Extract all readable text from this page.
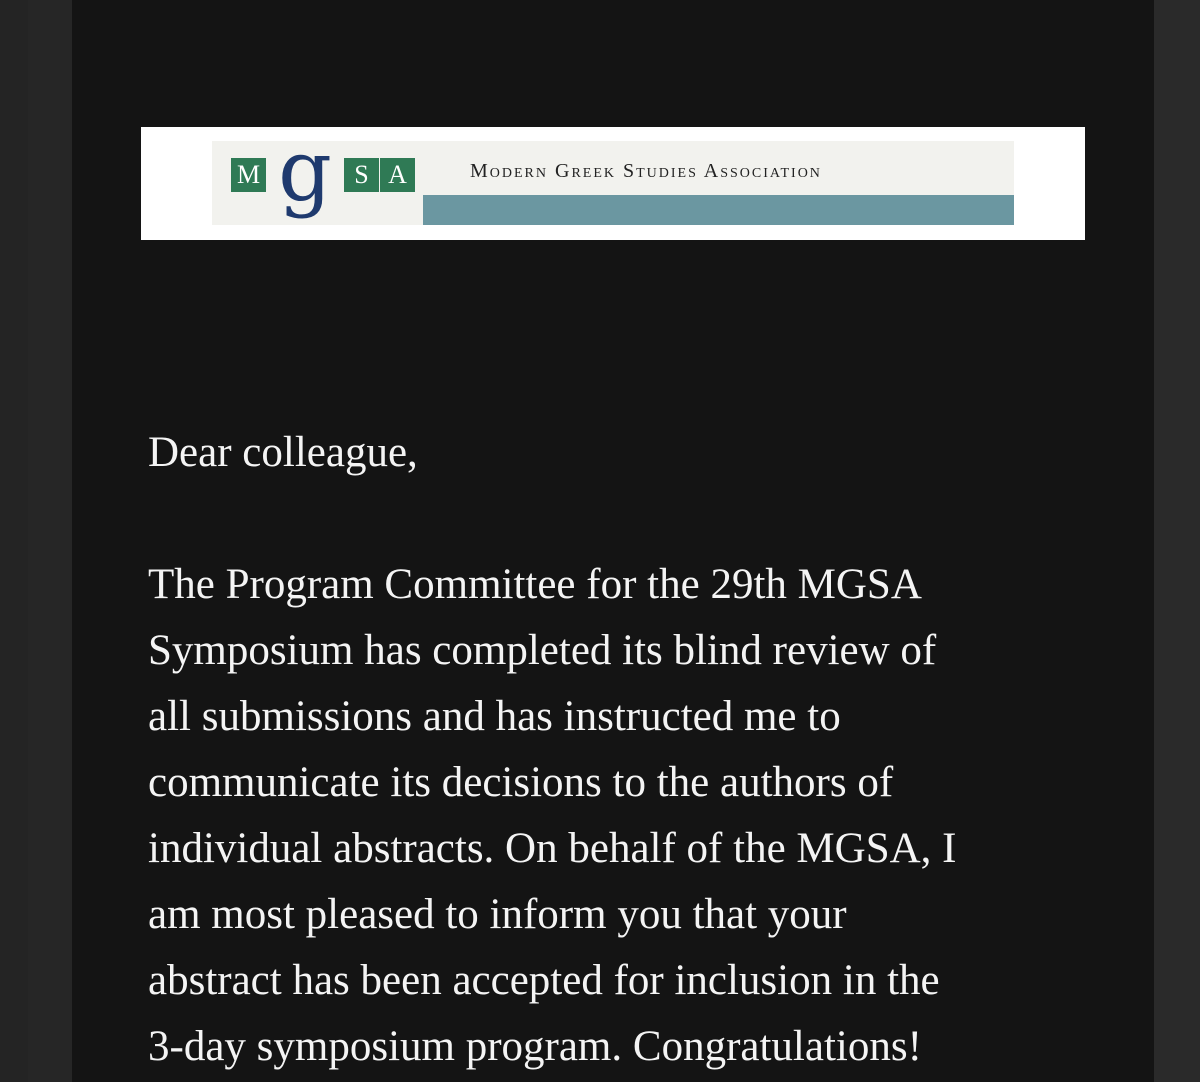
M g S A	Modern Greek Studies Association

Dear colleague,

The Program Committee for the 29th MGSA

Symposium has completed its blind review of

all submissions and has instructed me to

communicate its decisions to the authors of

individual abstracts. On behalf of the MGSA, I

am most pleased to inform you that your

abstract has been accepted for inclusion in the

3-day symposium program. Congratulations!
